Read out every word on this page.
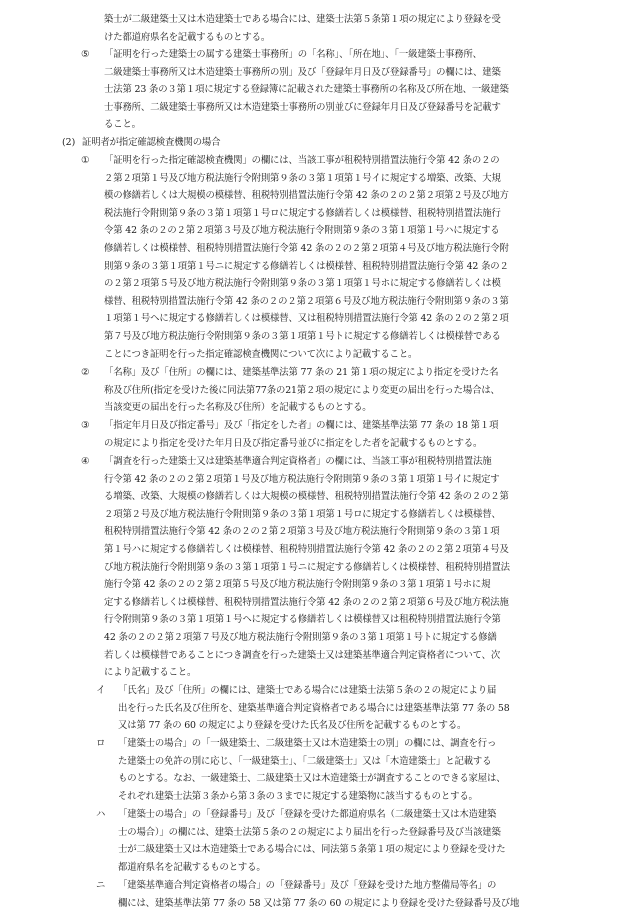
築士が二級建築士又は木造建築士である場合には、建築士法第５条第１項の規定により登録を受
けた都道府県名を記載するものとする。
⑤ 「証明を行った建築士の属する建築士事務所」の「名称」、「所在地」、「一級建築士事務所、
二級建築士事務所又は木造建築士事務所の別」及び「登録年月日及び登録番号」の欄には、建築
士法第 23 条の３第１項に規定する登録簿に記載された建築士事務所の名称及び所在地、一級建築
士事務所、二級建築士事務所又は木造建築士事務所の別並びに登録年月日及び登録番号を記載す
ること。
(2) 証明者が指定確認検査機関の場合
① 「証明を行った指定確認検査機関」の欄には、当該工事が租税特別措置法施行令第 42 条の２の
２第２項第１号及び地方税法施行令附則第９条の３第１項第１号イに規定する増築、改築、大規
模の修繕若しくは大規模の模様替、租税特別措置法施行令第 42 条の２の２第２項第２号及び地方
税法施行令附則第９条の３第１項第１号ロに規定する修繕若しくは模様替、租税特別措置法施行
令第 42 条の２の２第２項第３号及び地方税法施行令附則第９条の３第１項第１号ハに規定する
修繕若しくは模様替、租税特別措置法施行令第 42 条の２の２第２項第４号及び地方税法施行令附
則第９条の３第１項第１号ニに規定する修繕若しくは模様替、租税特別措置法施行令第 42 条の２
の２第２項第５号及び地方税法施行令附則第９条の３第１項第１号ホに規定する修繕若しくは模
様替、租税特別措置法施行令第 42 条の２の２第２項第６号及び地方税法施行令附則第９条の３第
１項第１号ヘに規定する修繕若しくは模様替、又は租税特別措置法施行令第 42 条の２の２第２項
第７号及び地方税法施行令附則第９条の３第１項第１号トに規定する修繕若しくは模様替である
ことにつき証明を行った指定確認検査機関について次により記載すること。
② 「名称」及び「住所」の欄には、建築基準法第 77 条の 21 第１項の規定により指定を受けた名
称及び住所(指定を受けた後に同法第77条の21第２項の規定により変更の届出を行った場合は、
当該変更の届出を行った名称及び住所）を記載するものとする。
③ 「指定年月日及び指定番号」及び「指定をした者」の欄には、建築基準法第 77 条の 18 第１項
の規定により指定を受けた年月日及び指定番号並びに指定をした者を記載するものとする。
④ 「調査を行った建築士又は建築基準適合判定資格者」の欄には、当該工事が租税特別措置法施
行令第 42 条の２の２第２項第１号及び地方税法施行令附則第９条の３第１項第１号イに規定す
る増築、改築、大規模の修繕若しくは大規模の模様替、租税特別措置法施行令第 42 条の２の２第
２項第２号及び地方税法施行令附則第９条の３第１項第１号ロに規定する修繕若しくは模様替、
租税特別措置法施行令第 42 条の２の２第２項第３号及び地方税法施行令附則第９条の３第１項
第１号ハに規定する修繕若しくは模様替、租税特別措置法施行令第 42 条の２の２第２項第４号及
び地方税法施行令附則第９条の３第１項第１号ニに規定する修繕若しくは模様替、租税特別措置法
施行令第 42 条の２の２第２項第５号及び地方税法施行令附則第９条の３第１項第１号ホに規
定する修繕若しくは模様替、租税特別措置法施行令第 42 条の２の２第２項第６号及び地方税法施
行令附則第９条の３第１項第１号ヘに規定する修繕若しくは模様替又は租税特別措置法施行令第
42 条の２の２第２項第７号及び地方税法施行令附則第９条の３第１項第１号トに規定する修繕
若しくは模様替であることにつき調査を行った建築士又は建築基準適合判定資格者について、次
により記載すること。
イ 「氏名」及び「住所」の欄には、建築士である場合には建築士法第５条の２の規定により届
出を行った氏名及び住所を、建築基準適合判定資格者である場合には建築基準法第 77 条の 58
又は第 77 条の 60 の規定により登録を受けた氏名及び住所を記載するものとする。
ロ 「建築士の場合」の「一級建築士、二級建築士又は木造建築士の別」の欄には、調査を行っ
た建築士の免許の別に応じ、「一級建築士」、「二級建築士」又は「木造建築士」と記載する
ものとする。なお、一級建築士、二級建築士又は木造建築士が調査することのできる家屋は、
それぞれ建築士法第３条から第３条の３までに規定する建築物に該当するものとする。
ハ 「建築士の場合」の「登録番号」及び「登録を受けた都道府県名（二級建築士又は木造建築
士の場合）」の欄には、建築士法第５条の２の規定により届出を行った登録番号及び当該建築
士が二級建築士又は木造建築士である場合には、同法第５条第１項の規定により登録を受けた
都道府県名を記載するものとする。
ニ 「建築基準適合判定資格者の場合」の「登録番号」及び「登録を受けた地方整備局等名」の
欄には、建築基準法第 77 条の 58 又は第 77 条の 60 の規定により登録を受けた登録番号及び地
